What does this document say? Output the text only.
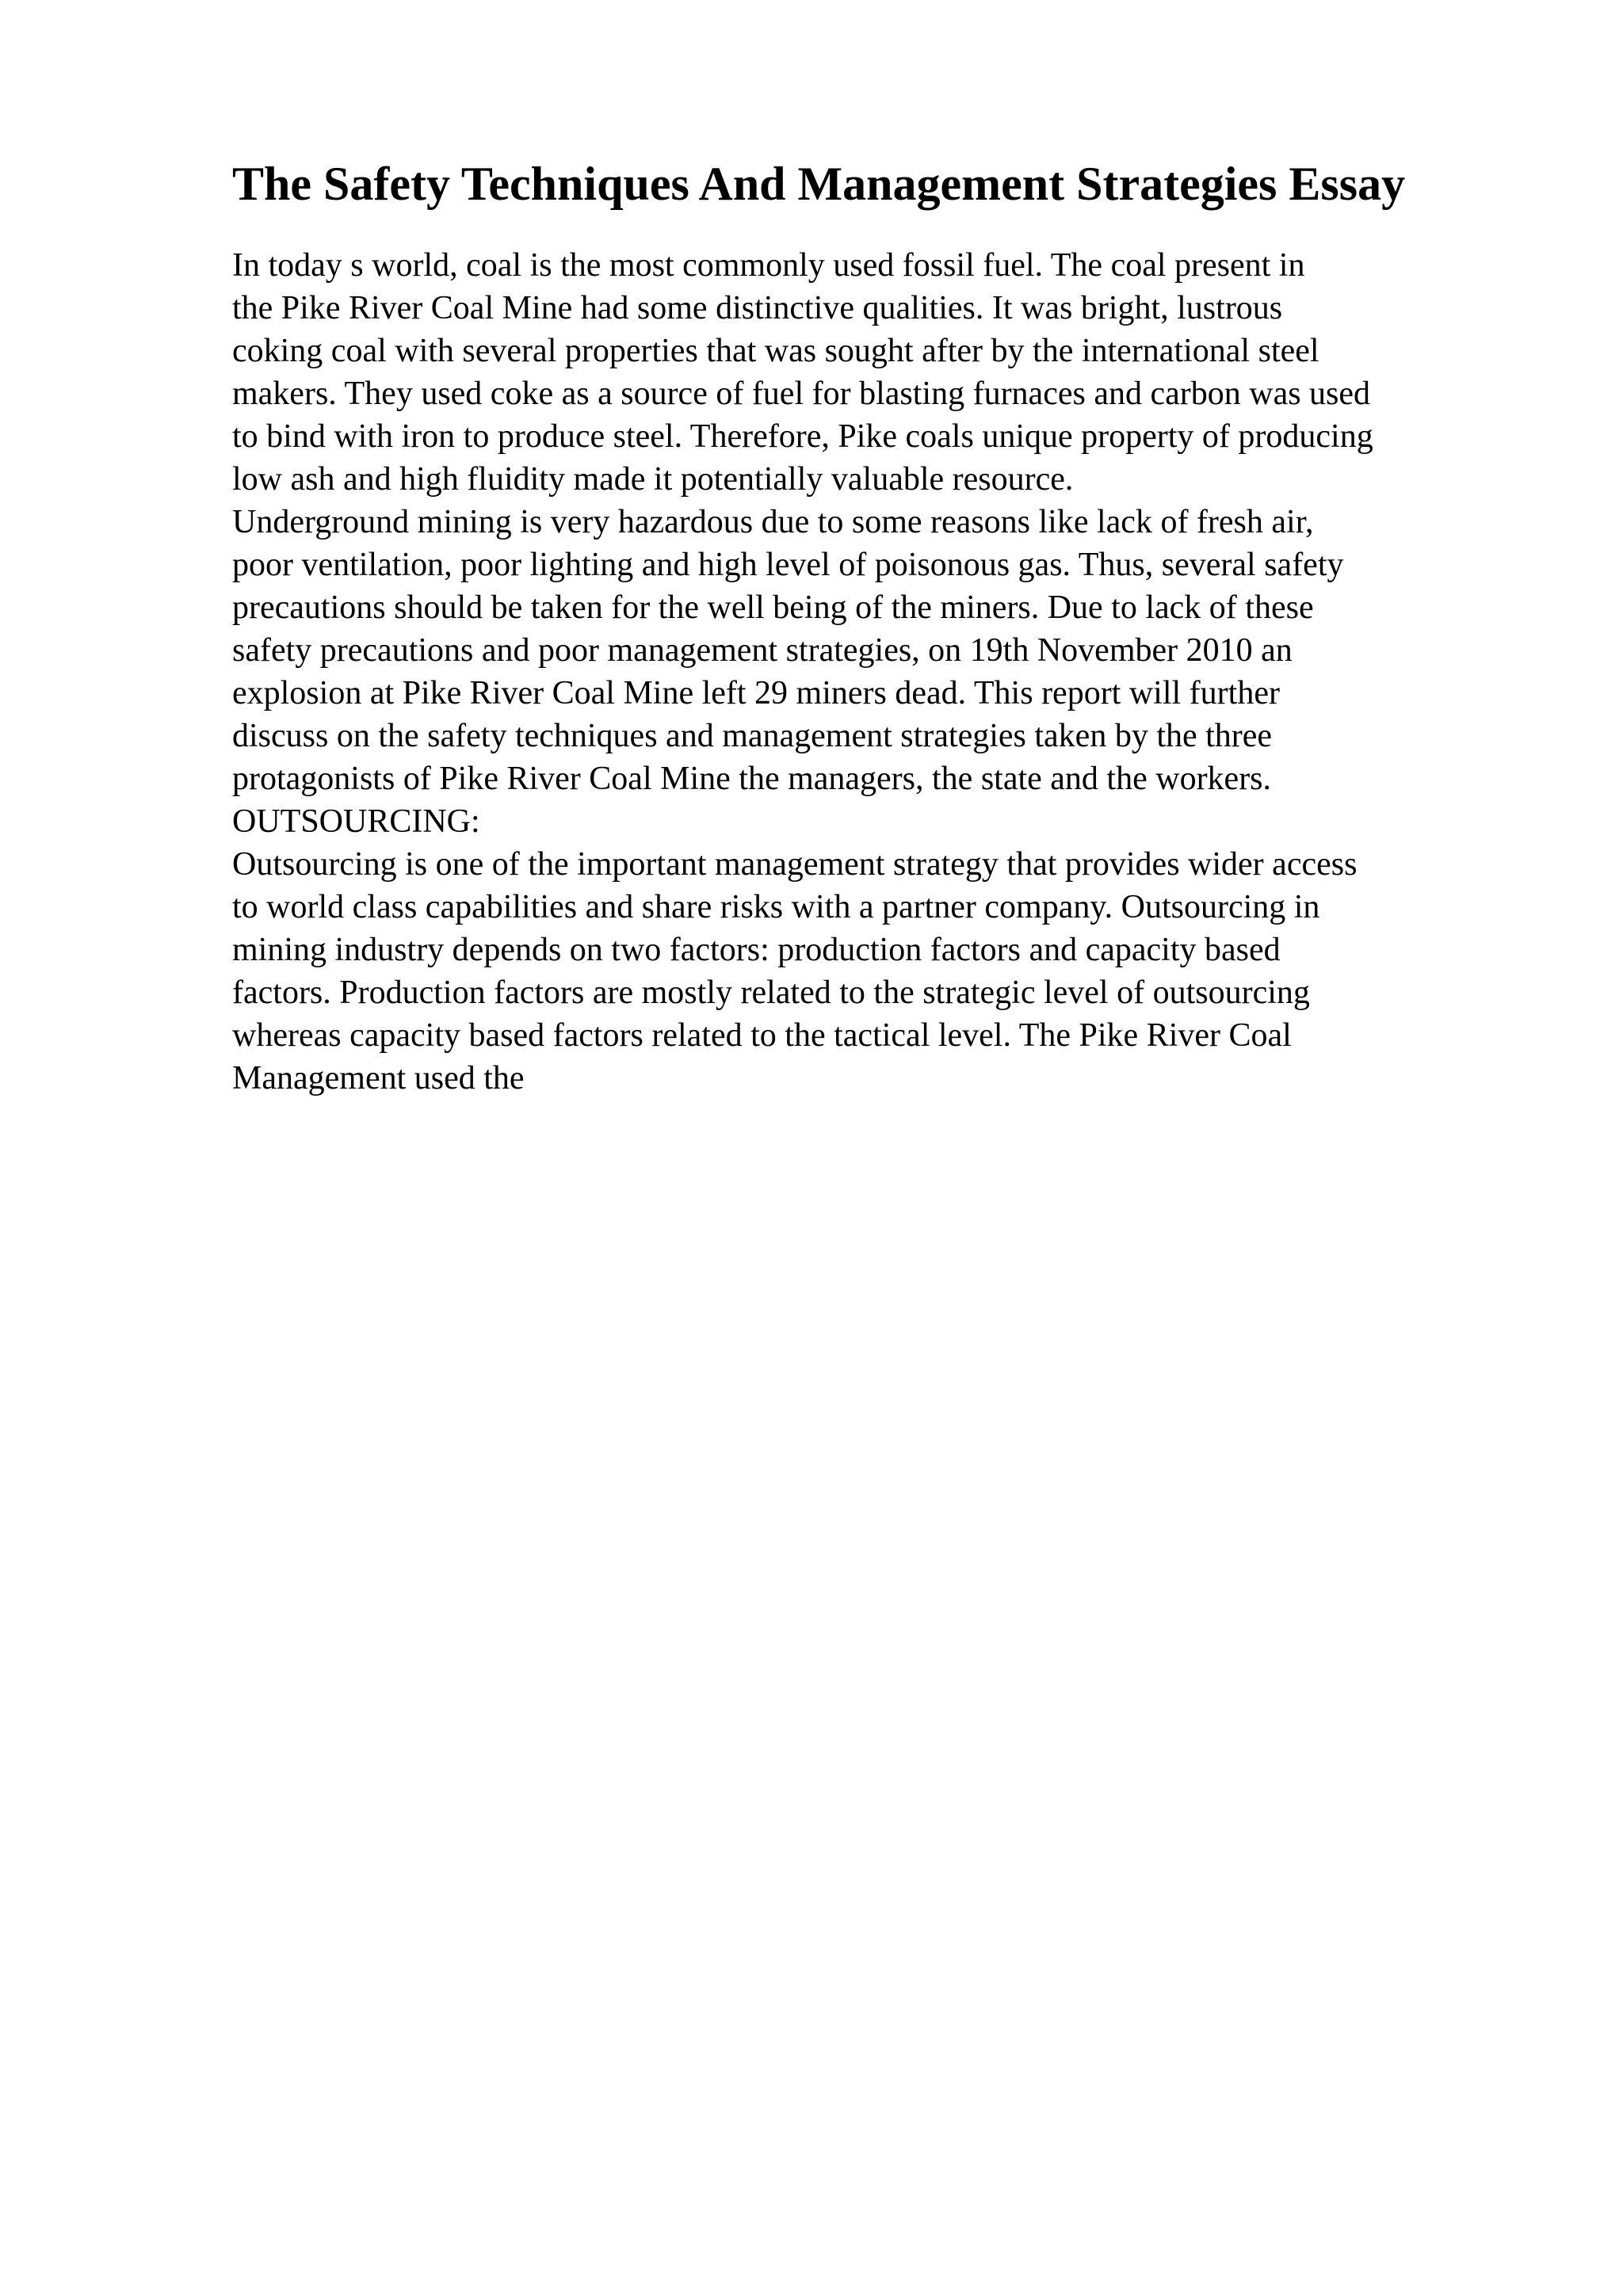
The Safety Techniques And Management Strategies Essay
In today s world, coal is the most commonly used fossil fuel. The coal present in
the Pike River Coal Mine had some distinctive qualities. It was bright, lustrous
coking coal with several properties that was sought after by the international steel
makers. They used coke as a source of fuel for blasting furnaces and carbon was used
to bind with iron to produce steel. Therefore, Pike coals unique property of producing
low ash and high fluidity made it potentially valuable resource.
Underground mining is very hazardous due to some reasons like lack of fresh air,
poor ventilation, poor lighting and high level of poisonous gas. Thus, several safety
precautions should be taken for the well being of the miners. Due to lack of these
safety precautions and poor management strategies, on 19th November 2010 an
explosion at Pike River Coal Mine left 29 miners dead. This report will further
discuss on the safety techniques and management strategies taken by the three
protagonists of Pike River Coal Mine the managers, the state and the workers.
OUTSOURCING:
Outsourcing is one of the important management strategy that provides wider access
to world class capabilities and share risks with a partner company. Outsourcing in
mining industry depends on two factors: production factors and capacity based
factors. Production factors are mostly related to the strategic level of outsourcing
whereas capacity based factors related to the tactical level. The Pike River Coal
Management used the
